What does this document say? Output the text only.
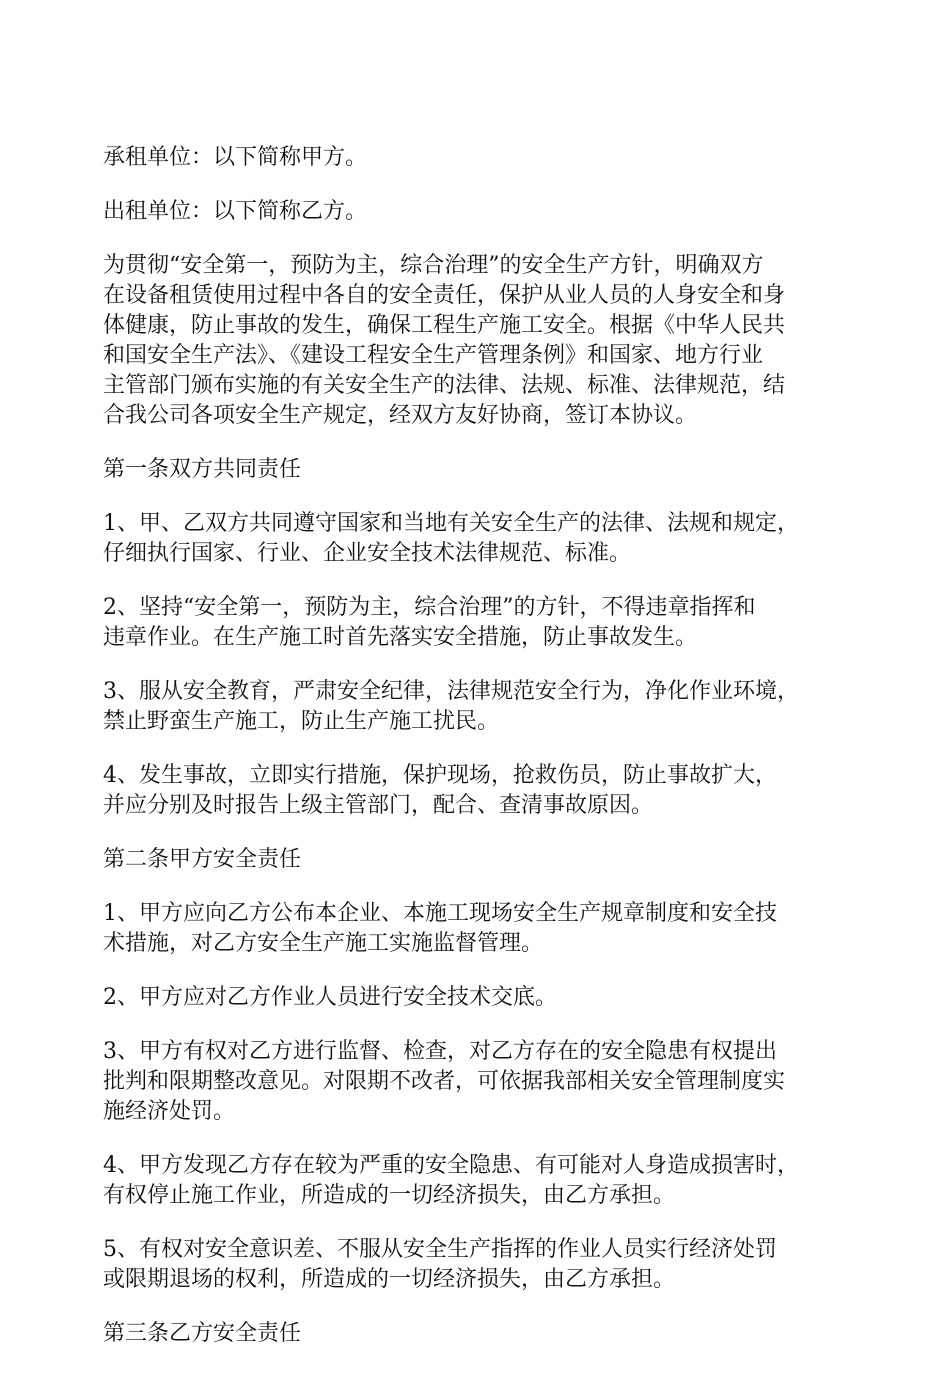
承租单位：以下简称甲方。

出租单位：以下简称乙方。

为贯彻“安全第一，预防为主，综合治理”的安全生产方针，明确双方
在设备租赁使用过程中各自的安全责任，保护从业人员的人身安全和身
体健康，防止事故的发生，确保工程生产施工安全。根据《中华人民共
和国安全生产法》、《建设工程安全生产管理条例》和国家、地方行业
主管部门颁布实施的有关安全生产的法律、法规、标准、法律规范，结
合我公司各项安全生产规定，经双方友好协商，签订本协议。

第一条双方共同责任

1、甲、乙双方共同遵守国家和当地有关安全生产的法律、法规和规定，
仔细执行国家、行业、企业安全技术法律规范、标准。

2、坚持“安全第一，预防为主，综合治理”的方针，不得违章指挥和
违章作业。在生产施工时首先落实安全措施，防止事故发生。

3、服从安全教育，严肃安全纪律，法律规范安全行为，净化作业环境，
禁止野蛮生产施工，防止生产施工扰民。

4、发生事故，立即实行措施，保护现场，抢救伤员，防止事故扩大，
并应分别及时报告上级主管部门，配合、查清事故原因。

第二条甲方安全责任

1、甲方应向乙方公布本企业、本施工现场安全生产规章制度和安全技
术措施，对乙方安全生产施工实施监督管理。

2、甲方应对乙方作业人员进行安全技术交底。

3、甲方有权对乙方进行监督、检查，对乙方存在的安全隐患有权提出
批判和限期整改意见。对限期不改者，可依据我部相关安全管理制度实
施经济处罚。

4、甲方发现乙方存在较为严重的安全隐患、有可能对人身造成损害时，
有权停止施工作业，所造成的一切经济损失，由乙方承担。

5、有权对安全意识差、不服从安全生产指挥的作业人员实行经济处罚
或限期退场的权利，所造成的一切经济损失，由乙方承担。

第三条乙方安全责任
